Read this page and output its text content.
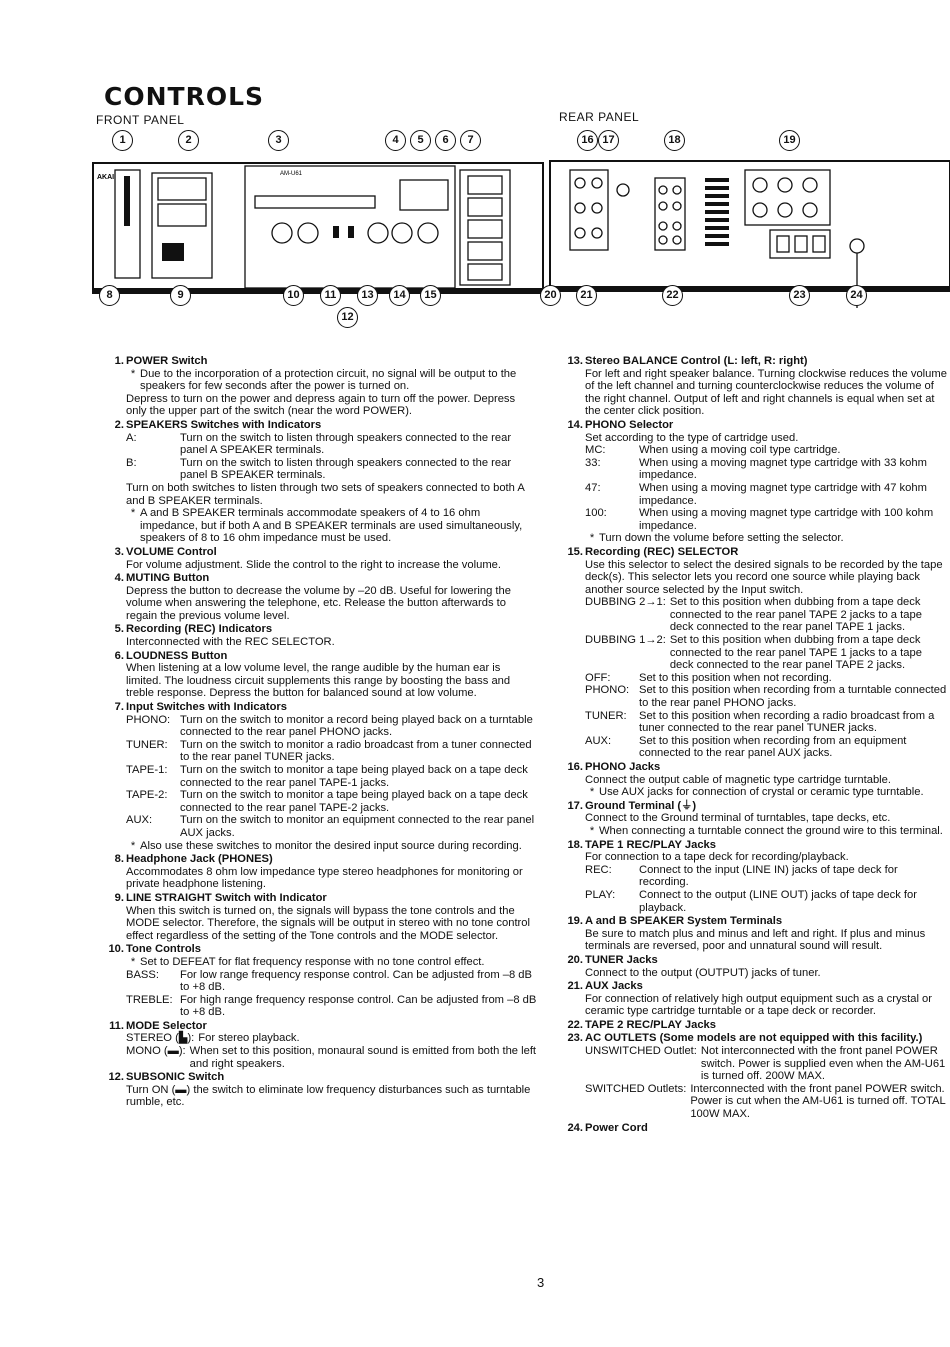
CONTROLS
FRONT PANEL	REAR PANEL
AKAI	AM-U61
1	2	3	4	5	6	7
8	9	10	11	13	14	15
12
16 17	18	19
20	21	22	23	24
1. POWER Switch
* Due to the incorporation of a protection circuit, no signal will be output to the speakers for few seconds after the power is turned on.
Depress to turn on the power and depress again to turn off the power. Depress only the upper part of the switch (near the word POWER).
2. SPEAKERS Switches with Indicators
A:	Turn on the switch to listen through speakers connected to the rear panel A SPEAKER terminals.
B:	Turn on the switch to listen through speakers connected to the rear panel B SPEAKER terminals.
Turn on both switches to listen through two sets of speakers connected to both A and B SPEAKER terminals.
* A and B SPEAKER terminals accommodate speakers of 4 to 16 ohm impedance, but if both A and B SPEAKER terminals are used simultaneously, speakers of 8 to 16 ohm impedance must be used.
3. VOLUME Control
For volume adjustment. Slide the control to the right to increase the volume.
4. MUTING Button
Depress the button to decrease the volume by –20 dB. Useful for lowering the volume when answering the telephone, etc. Release the button afterwards to regain the previous volume level.
5. Recording (REC) Indicators
Interconnected with the REC SELECTOR.
6. LOUDNESS Button
When listening at a low volume level, the range audible by the human ear is limited. The loudness circuit supplements this range by boosting the bass and treble response. Depress the button for balanced sound at low volume.
7. Input Switches with Indicators
PHONO: Turn on the switch to monitor a record being played back on a turntable connected to the rear panel PHONO jacks.
TUNER:	Turn on the switch to monitor a radio broadcast from a tuner connected to the rear panel TUNER jacks.
TAPE-1:	Turn on the switch to monitor a tape being played back on a tape deck connected to the rear panel TAPE-1 jacks.
TAPE-2:	Turn on the switch to monitor a tape being played back on a tape deck connected to the rear panel TAPE-2 jacks.
AUX:	Turn on the switch to monitor an equipment connected to the rear panel AUX jacks.
* Also use these switches to monitor the desired input source during recording.
8. Headphone Jack (PHONES)
Accommodates 8 ohm low impedance type stereo headphones for monitoring or private headphone listening.
9. LINE STRAIGHT Switch with Indicator
When this switch is turned on, the signals will bypass the tone controls and the MODE selector. Therefore, the signals will be output in stereo with no tone control effect regardless of the setting of the Tone controls and the MODE selector.
10. Tone Controls
* Set to DEFEAT for flat frequency response with no tone control effect.
BASS:	For low range frequency response control. Can be adjusted from –8 dB to +8 dB.
TREBLE: For high range frequency response control. Can be adjusted from –8 dB to +8 dB.
11. MODE Selector
STEREO (▙): For stereo playback.
MONO (▬): When set to this position, monaural sound is emitted from both the left and right speakers.
12. SUBSONIC Switch
Turn ON (▬) the switch to eliminate low frequency disturbances such as turntable rumble, etc.
13. Stereo BALANCE Control (L: left, R: right)
For left and right speaker balance. Turning clockwise reduces the volume of the left channel and turning counterclockwise reduces the volume of the right channel. Output of left and right channels is equal when set at the center click position.
14. PHONO Selector
Set according to the type of cartridge used.
MC:	When using a moving coil type cartridge.
33:	When using a moving magnet type cartridge with 33 kohm impedance.
47:	When using a moving magnet type cartridge with 47 kohm impedance.
100:	When using a moving magnet type cartridge with 100 kohm impedance.
* Turn down the volume before setting the selector.
15. Recording (REC) SELECTOR
Use this selector to select the desired signals to be recorded by the tape deck(s). This selector lets you record one source while playing back another source selected by the Input switch.
DUBBING 2→1: Set to this position when dubbing from a tape deck connected to the rear panel TAPE 2 jacks to a tape deck connected to the rear panel TAPE 1 jacks.
DUBBING 1→2: Set to this position when dubbing from a tape deck connected to the rear panel TAPE 1 jacks to a tape deck connected to the rear panel TAPE 2 jacks.
OFF:	Set to this position when not recording.
PHONO: Set to this position when recording from a turntable connected to the rear panel PHONO jacks.
TUNER:	Set to this position when recording a radio broadcast from a tuner connected to the rear panel TUNER jacks.
AUX:	Set to this position when recording from an equipment connected to the rear panel AUX jacks.
16. PHONO Jacks
Connect the output cable of magnetic type cartridge turntable.
* Use AUX jacks for connection of crystal or ceramic type turntable.
17. Ground Terminal (⏚)
Connect to the Ground terminal of turntables, tape decks, etc.
* When connecting a turntable connect the ground wire to this terminal.
18. TAPE 1 REC/PLAY Jacks
For connection to a tape deck for recording/playback.
REC:	Connect to the input (LINE IN) jacks of tape deck for recording.
PLAY:	Connect to the output (LINE OUT) jacks of tape deck for playback.
19. A and B SPEAKER System Terminals
Be sure to match plus and minus and left and right. If plus and minus terminals are reversed, poor and unnatural sound will result.
20. TUNER Jacks
Connect to the output (OUTPUT) jacks of tuner.
21. AUX Jacks
For connection of relatively high output equipment such as a crystal or ceramic type cartridge turntable or a tape deck or recorder.
22. TAPE 2 REC/PLAY Jacks
23. AC OUTLETS (Some models are not equipped with this facility.)
UNSWITCHED Outlet: Not interconnected with the front panel POWER switch. Power is supplied even when the AM-U61 is turned off. 200W MAX.
SWITCHED Outlets: Interconnected with the front panel POWER switch. Power is cut when the AM-U61 is turned off. TOTAL 100W MAX.
24. Power Cord
3
